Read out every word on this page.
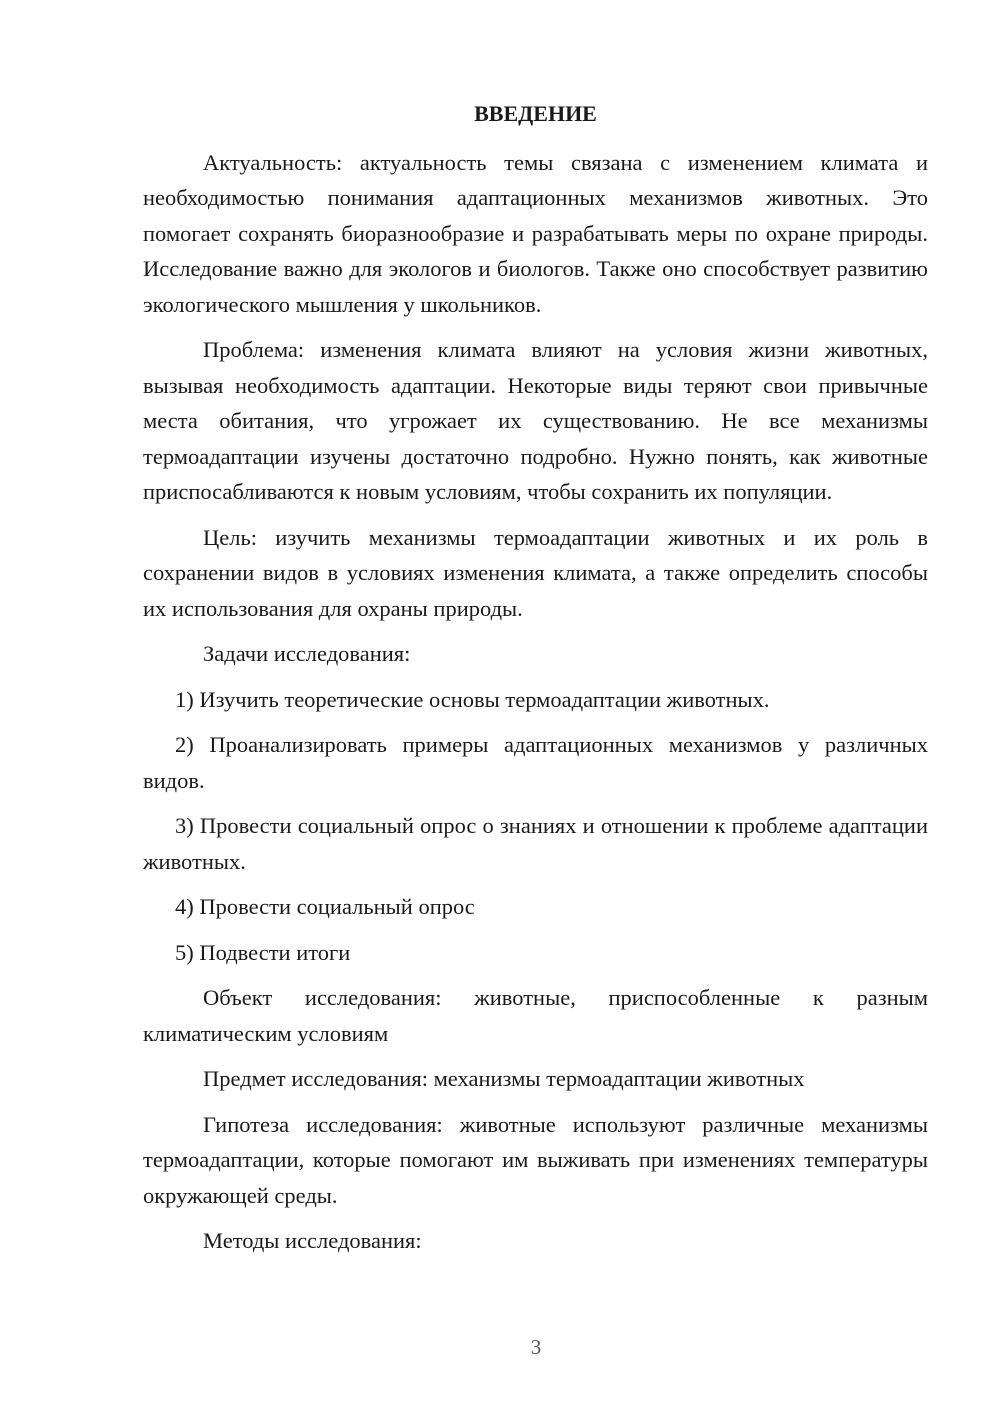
ВВЕДЕНИЕ

Актуальность: актуальность темы связана с изменением климата и необходимостью понимания адаптационных механизмов животных. Это помогает сохранять биоразнообразие и разрабатывать меры по охране природы. Исследование важно для экологов и биологов. Также оно способствует развитию экологического мышления у школьников.

Проблема: изменения климата влияют на условия жизни животных, вызывая необходимость адаптации. Некоторые виды теряют свои привычные места обитания, что угрожает их существованию. Не все механизмы термоадаптации изучены достаточно подробно. Нужно понять, как животные приспосабливаются к новым условиям, чтобы сохранить их популяции.

Цель: изучить механизмы термоадаптации животных и их роль в сохранении видов в условиях изменения климата, а также определить способы их использования для охраны природы.

Задачи исследования:

1) Изучить теоретические основы термоадаптации животных.

2) Проанализировать примеры адаптационных механизмов у различных видов.

3) Провести социальный опрос о знаниях и отношении к проблеме адаптации животных.

4) Провести социальный опрос

5) Подвести итоги

Объект исследования: животные, приспособленные к разным климатическим условиям

Предмет исследования: механизмы термоадаптации животных

Гипотеза исследования: животные используют различные механизмы термоадаптации, которые помогают им выживать при изменениях температуры окружающей среды.

Методы исследования:

3
